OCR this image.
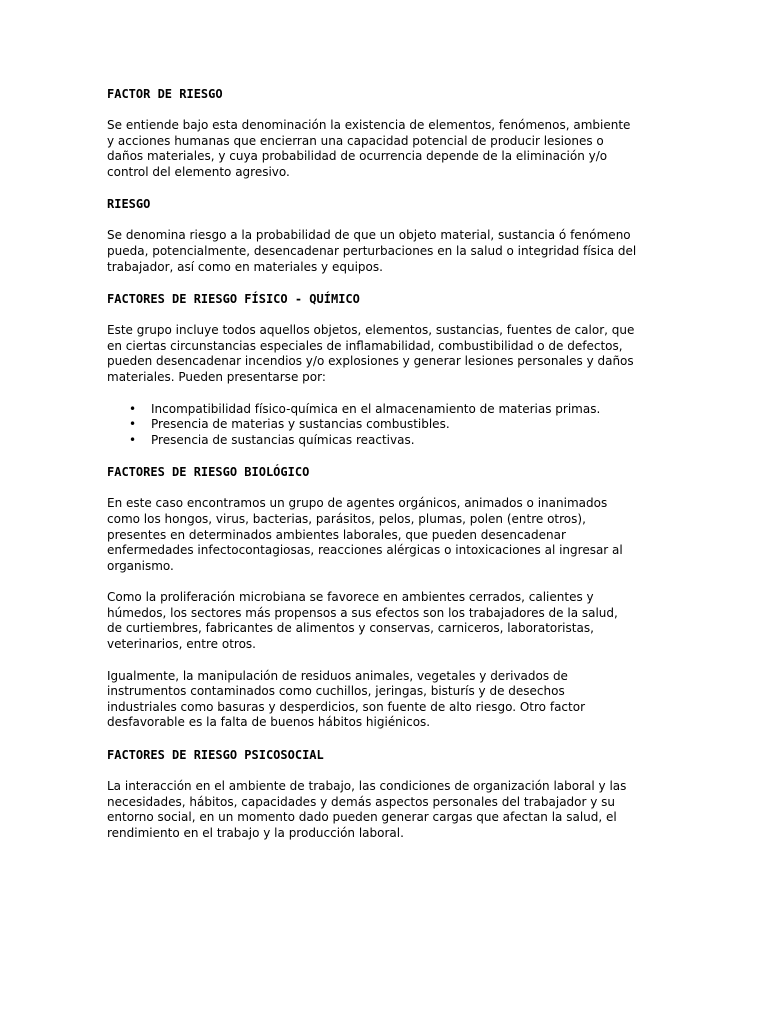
FACTOR DE RIESGO
Se entiende bajo esta denominación la existencia de elementos, fenómenos, ambiente
y acciones humanas que encierran una capacidad potencial de producir lesiones o
daños materiales, y cuya probabilidad de ocurrencia depende de la eliminación y/o
control del elemento agresivo.
RIESGO
Se denomina riesgo a la probabilidad de que un objeto material, sustancia ó fenómeno
pueda, potencialmente, desencadenar perturbaciones en la salud o integridad física del
trabajador, así como en materiales y equipos.
FACTORES DE RIESGO FÍSICO - QUÍMICO
Este grupo incluye todos aquellos objetos, elementos, sustancias, fuentes de calor, que
en ciertas circunstancias especiales de inflamabilidad, combustibilidad o de defectos,
pueden desencadenar incendios y/o explosiones y generar lesiones personales y daños
materiales. Pueden presentarse por:
• Incompatibilidad físico-química en el almacenamiento de materias primas.
• Presencia de materias y sustancias combustibles.
• Presencia de sustancias químicas reactivas.
FACTORES DE RIESGO BIOLÓGICO
En este caso encontramos un grupo de agentes orgánicos, animados o inanimados
como los hongos, virus, bacterias, parásitos, pelos, plumas, polen (entre otros),
presentes en determinados ambientes laborales, que pueden desencadenar
enfermedades infectocontagiosas, reacciones alérgicas o intoxicaciones al ingresar al
organismo.
Como la proliferación microbiana se favorece en ambientes cerrados, calientes y
húmedos, los sectores más propensos a sus efectos son los trabajadores de la salud,
de curtiembres, fabricantes de alimentos y conservas, carniceros, laboratoristas,
veterinarios, entre otros.
Igualmente, la manipulación de residuos animales, vegetales y derivados de
instrumentos contaminados como cuchillos, jeringas, bisturís y de desechos
industriales como basuras y desperdicios, son fuente de alto riesgo. Otro factor
desfavorable es la falta de buenos hábitos higiénicos.
FACTORES DE RIESGO PSICOSOCIAL
La interacción en el ambiente de trabajo, las condiciones de organización laboral y las
necesidades, hábitos, capacidades y demás aspectos personales del trabajador y su
entorno social, en un momento dado pueden generar cargas que afectan la salud, el
rendimiento en el trabajo y la producción laboral.
